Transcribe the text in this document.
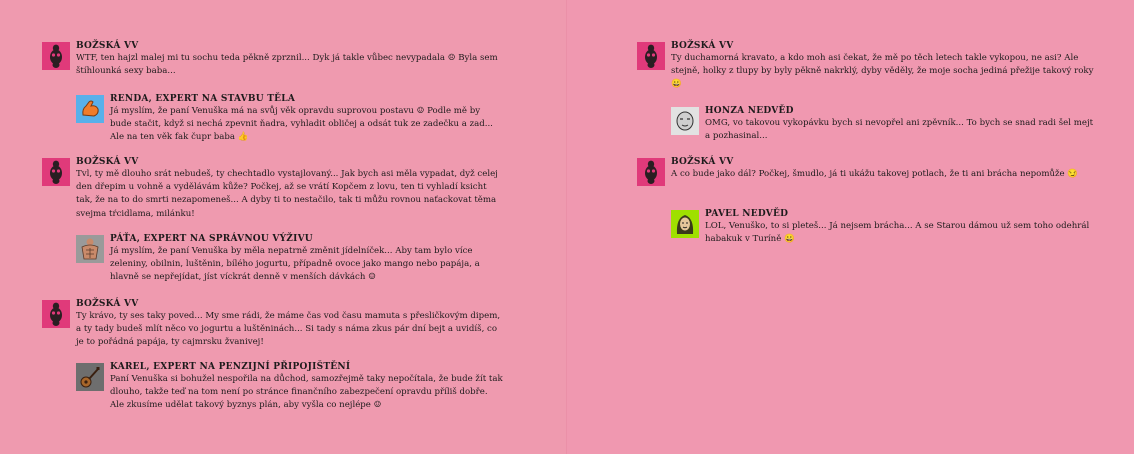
BOŽSKÁ VV
WTF, ten hajzl malej mi tu sochu teda pěkně zprznil... Dyk já takle vůbec nevypadala ☹ Byla sem štíhlounká sexy baba...
RENDA, EXPERT NA STAVBU TĚLA
Já myslím, že paní Venuška má na svůj věk opravdu suprovou postavu ☺ Podle mě by bude stačit, když si nechá zpevnit ňadra, vyhladit obličej a odsát tuk ze zadečku a zad... Ale na ten věk fak čupr baba 👍
BOŽSKÁ VV
Tvl, ty mě dlouho srát nebudeš, ty chechtadlo vystajlovaný... Jak bych asi měla vypadat, dyž celej den dřepim u vohně a vydělávám kůže? Počkej, až se vrátí Kopčem z lovu, ten ti vyhladí ksicht tak, že na to do smrti nezapomeneš... A dyby ti to nestačilo, tak ti můžu rovnou naťackovat těma svejma tŕcidlama, milánku!
PÁŤA, EXPERT NA SPRÁVNOU VÝŽIVU
Já myslím, že paní Venuška by měla nepatrně změnit jídelníček... Aby tam bylo více zeleniny, obilnin, luštěnin, bílého jogurtu, případně ovoce jako mango nebo papája, a hlavně se nepřejídat, jíst víckrát denně v menších dávkách ☺
BOŽSKÁ VV
Ty krávo, ty ses taky poved... My sme rádi, že máme čas vod času mamuta s přesličkovým dipem, a ty tady budeš mlít něco vo jogurtu a luštěninách... Si tady s náma zkus pár dní bejt a uvidíš, co je to pořádná papája, ty cajmrsku žvanivej!
KAREL, EXPERT NA PENZIJNÍ PŘIPOJIŠTĚNÍ
Paní Venuška si bohužel nespořila na důchod, samozřejmě taky nepočítala, že bude žít tak dlouho, takže teď na tom není po stránce finančního zabezpečení opravdu příliš dobře. Ale zkusíme udělat takový byznys plán, aby vyšla co nejlépe ☺
BOŽSKÁ VV
Ty duchamorná kravato, a kdo moh asi čekat, že mě po těch letech takle vykopou, ne asi? Ale stejně, holky z tlupy by byly pěkně nakrklý, dyby věděly, že moje socha jediná přežije takový roky 😀
HONZA NEDVĚD
OMG, vo takovou vykopávku bych si nevopřel ani zpěvník... To bych se snad radi šel mejt a pozhasinal...
BOŽSKÁ VV
A co bude jako dál? Počkej, šmudlo, já ti ukážu takovej potlach, že ti ani brácha nepomůže 😏
PAVEL NEDVĚD
LOL, Venuško, to si pleteš... Já nejsem brácha... A se Starou dámou už sem toho odehrál habakuk v Turíně 😀
